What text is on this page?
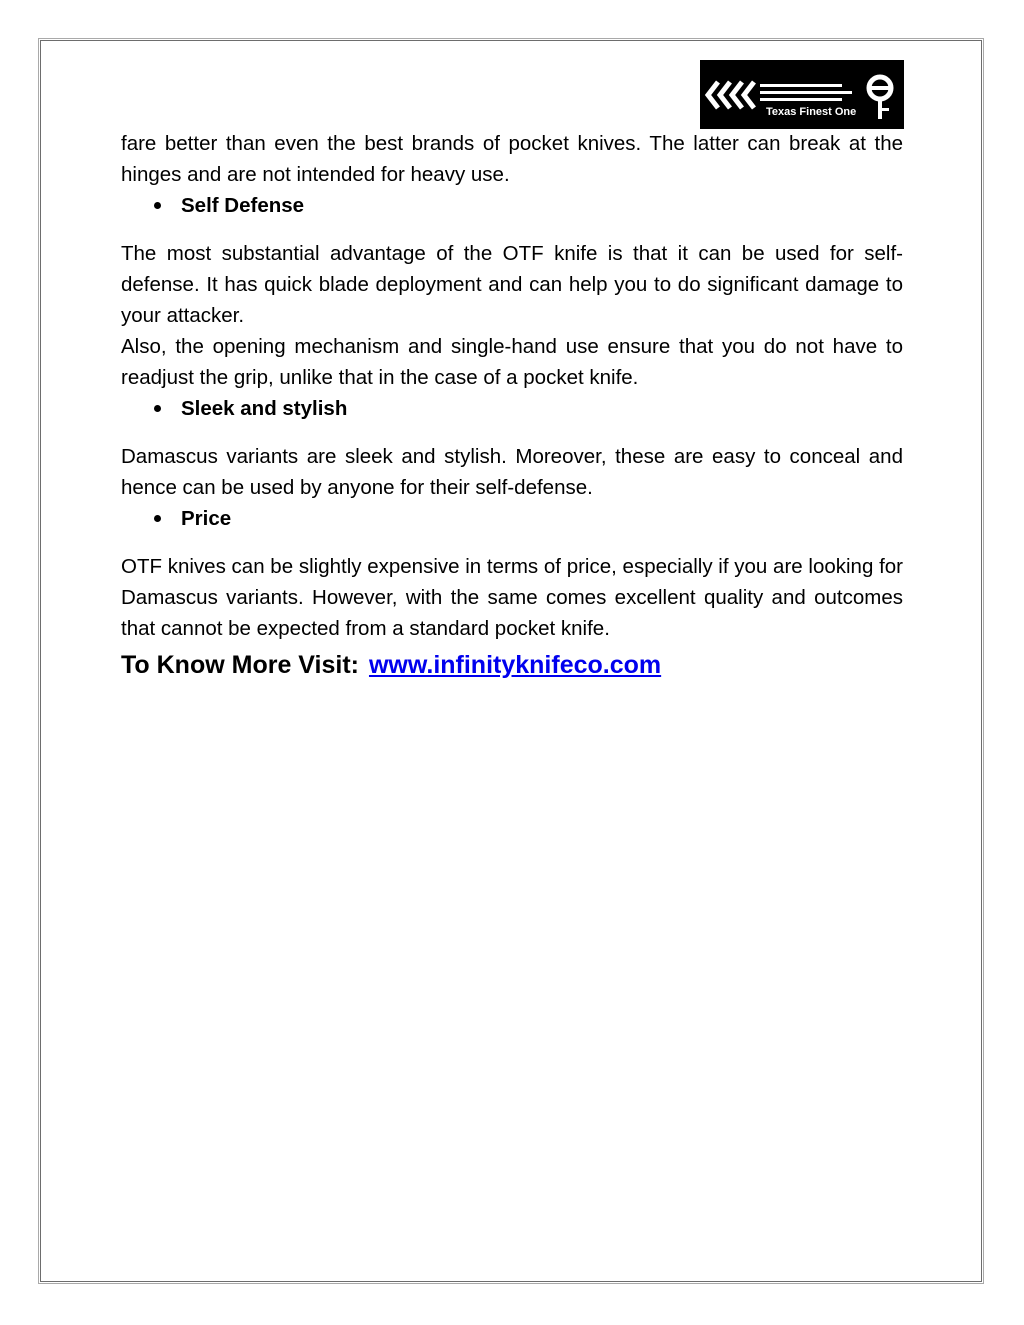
Texas Finest One

fare better than even the best brands of pocket knives. The latter can break at the hinges and are not intended for heavy use.

Self Defense

The most substantial advantage of the OTF knife is that it can be used for self-defense. It has quick blade deployment and can help you to do significant damage to your attacker.

Also, the opening mechanism and single-hand use ensure that you do not have to readjust the grip, unlike that in the case of a pocket knife.

Sleek and stylish

Damascus variants are sleek and stylish. Moreover, these are easy to conceal and hence can be used by anyone for their self-defense.

Price

OTF knives can be slightly expensive in terms of price, especially if you are looking for Damascus variants. However, with the same comes excellent quality and outcomes that cannot be expected from a standard pocket knife.

To Know More Visit: www.infinityknifeco.com
